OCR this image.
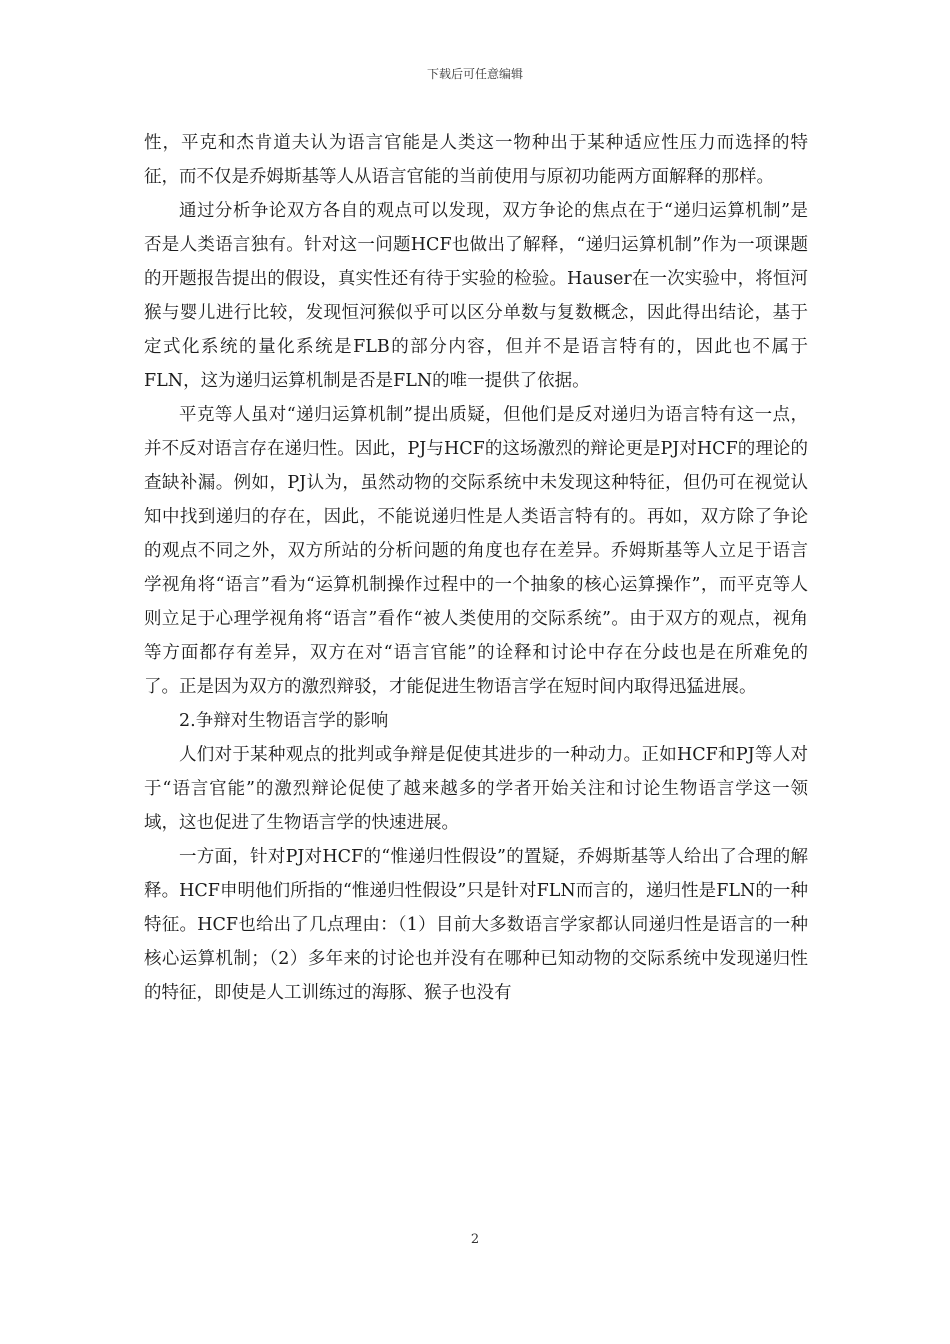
下载后可任意编辑

性，平克和杰肯道夫认为语言官能是人类这一物种出于某种适应性压力而选择的特征，而不仅是乔姆斯基等人从语言官能的当前使用与原初功能两方面解释的那样。

通过分析争论双方各自的观点可以发现，双方争论的焦点在于“递归运算机制”是否是人类语言独有。针对这一问题HCF也做出了解释，“递归运算机制”作为一项课题的开题报告提出的假设，真实性还有待于实验的检验。Hauser在一次实验中，将恒河猴与婴儿进行比较，发现恒河猴似乎可以区分单数与复数概念，因此得出结论，基于定式化系统的量化系统是FLB的部分内容，但并不是语言特有的，因此也不属于FLN，这为递归运算机制是否是FLN的唯一提供了依据。

平克等人虽对“递归运算机制”提出质疑，但他们是反对递归为语言特有这一点，并不反对语言存在递归性。因此，PJ与HCF的这场激烈的辩论更是PJ对HCF的理论的查缺补漏。例如，PJ认为，虽然动物的交际系统中未发现这种特征，但仍可在视觉认知中找到递归的存在，因此，不能说递归性是人类语言特有的。再如，双方除了争论的观点不同之外，双方所站的分析问题的角度也存在差异。乔姆斯基等人立足于语言学视角将“语言”看为“运算机制操作过程中的一个抽象的核心运算操作”，而平克等人则立足于心理学视角将“语言”看作“被人类使用的交际系统”。由于双方的观点，视角等方面都存有差异，双方在对“语言官能”的诠释和讨论中存在分歧也是在所难免的了。正是因为双方的激烈辩驳，才能促进生物语言学在短时间内取得迅猛进展。

2.争辩对生物语言学的影响

人们对于某种观点的批判或争辩是促使其进步的一种动力。正如HCF和PJ等人对于“语言官能”的激烈辩论促使了越来越多的学者开始关注和讨论生物语言学这一领域，这也促进了生物语言学的快速进展。

一方面，针对PJ对HCF的“惟递归性假设”的置疑，乔姆斯基等人给出了合理的解释。HCF申明他们所指的“惟递归性假设”只是针对FLN而言的，递归性是FLN的一种特征。HCF也给出了几点理由：（1）目前大多数语言学家都认同递归性是语言的一种核心运算机制；（2）多年来的讨论也并没有在哪种已知动物的交际系统中发现递归性的特征，即使是人工训练过的海豚、猴子也没有

2
